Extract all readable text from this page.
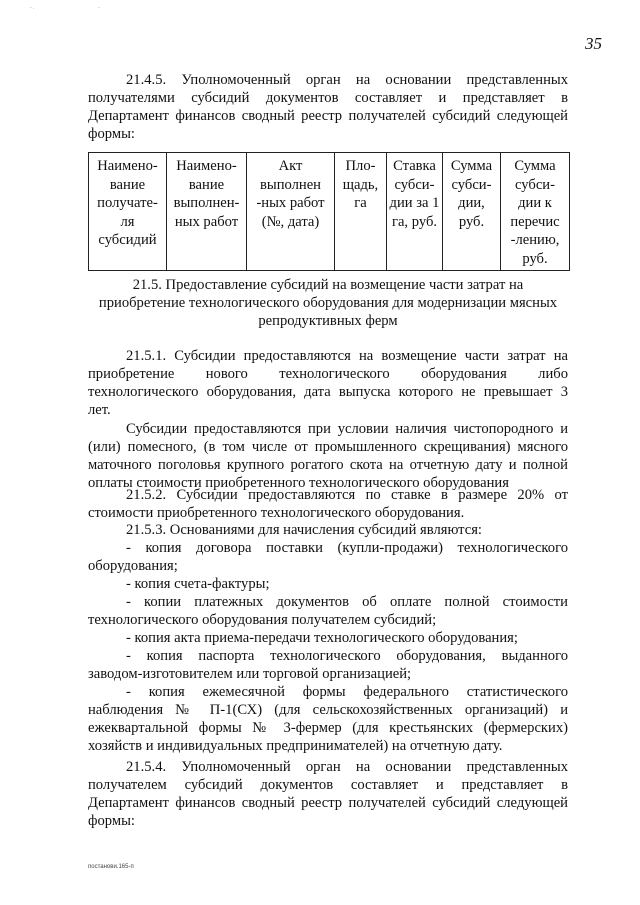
35
- .	-
21.4.5. Уполномоченный орган на основании представленных
получателями субсидий документов составляет и представляет в
Департамент финансов сводный реестр получателей субсидий следующей
формы:
Наимено- вание получате- ля субсидий	Наимено- вание выполнен- ных работ	Акт выполнен -ных работ (№, дата)	Пло- щадь, га	Ставка субси- дии за 1 га, руб.	Сумма субси- дии, руб.	Сумма субси- дии к перечис -лению, руб.
21.5. Предоставление субсидий на возмещение части затрат на
приобретение технологического оборудования для модернизации мясных
репродуктивных ферм
21.5.1. Субсидии предоставляются на возмещение части затрат на
приобретение нового технологического оборудования либо
технологического оборудования, дата выпуска которого не превышает 3
лет.
Субсидии предоставляются при условии наличия чистопородного и
(или) помесного, (в том числе от промышленного скрещивания) мясного
маточного поголовья крупного рогатого скота на отчетную дату и полной
оплаты стоимости приобретенного технологического оборудования
21.5.2. Субсидии предоставляются по ставке в размере 20% от
стоимости приобретенного технологического оборудования.
21.5.3. Основаниями для начисления субсидий являются:
- копия договора поставки (купли-продажи) технологического
оборудования;
- копия счета-фактуры;
- копии платежных документов об оплате полной стоимости
технологического оборудования получателем субсидий;
- копия акта приема-передачи технологического оборудования;
- копия паспорта технологического оборудования, выданного
заводом-изготовителем или торговой организацией;
- копия ежемесячной формы федерального статистического
наблюдения № П-1(СХ) (для сельскохозяйственных организаций) и
ежеквартальной формы № 3-фермер (для крестьянских (фермерских)
хозяйств и индивидуальных предпринимателей) на отчетную дату.
21.5.4. Уполномоченный орган на основании представленных
получателем субсидий документов составляет и представляет в
Департамент финансов сводный реестр получателей субсидий следующей
формы:
постанови.165-п
